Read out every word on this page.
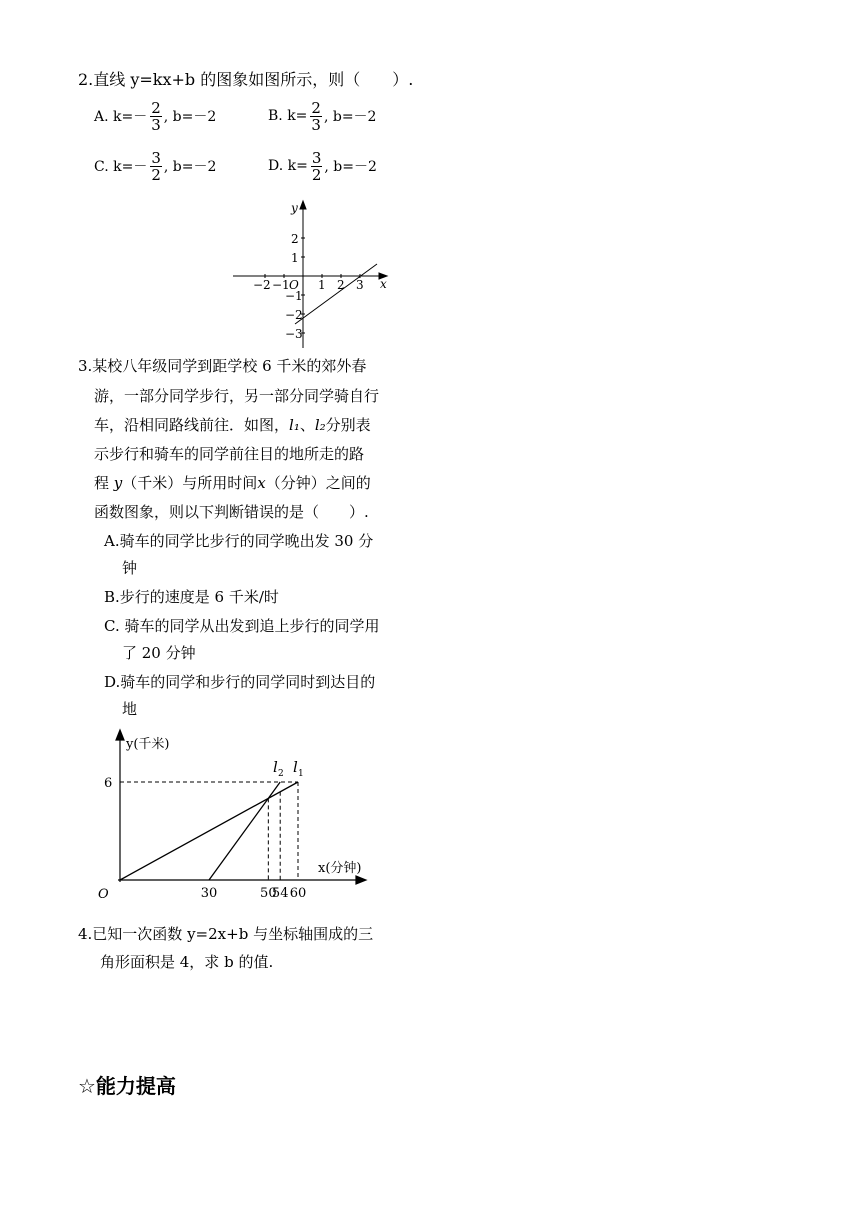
2.直线 y=kx+b 的图象如图所示，则（　　）.
A. $k=- \frac{2}{3}$ , b=－2	B. $k= \frac{2}{3}$ , b=－2
C. $k=- \frac{3}{2}$ , b=－2	D. $k= \frac{3}{2}$ , b=－2
y
x
O
−2 −1 1 2 3
2
1
−1
−2
−3
3.某校八年级同学到距学校 6 千米的郊外春
游，一部分同学步行，另一部分同学骑自行
车，沿相同路线前往．如图，l₁、l₂分别表
示步行和骑车的同学前往目的地所走的路
程 y（千米）与所用时间x（分钟）之间的
函数图象，则以下判断错误的是（　　）.
A.骑车的同学比步行的同学晚出发 30 分
钟
B.步行的速度是 6 千米/时
C. 骑车的同学从出发到追上步行的同学用
了 20 分钟
D.骑车的同学和步行的同学同时到达目的
地
y(千米)
x(分钟)
O
6
30	50
54 60
l 2 l 1
4.已知一次函数 y=2x+b 与坐标轴围成的三
角形面积是 4，求 b 的值.
☆能力提高
